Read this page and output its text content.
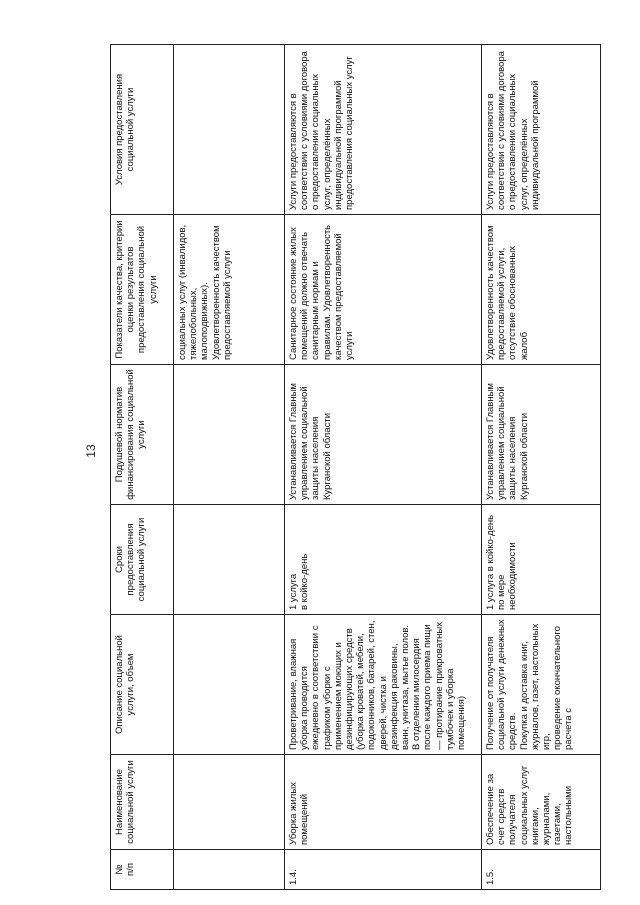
13
№
п/п	Наименование социальной услуги	Описание социальной услуги, объем	Сроки предоставления социальной услуги	Подушевой норматив финансирования социальной услуги	Показатели качества, критерии оценки результатов предоставления социальной услуги	Условия предоставления социальной услуги
					социальных услуг (инвалидов, тяжелобольных, малоподвижных). Удовлетворенность качеством предоставляемой услуги	
1.4.	Уборка жилых помещений	Проветривание, влажная уборка проводится ежедневно в соответствии с графиком уборки с применением моющих и дезинфицирующих средств (уборка кроватей, мебели, подоконников, батарей, стен, дверей, чистка и дезинфекция раковины, ванн, унитаза, мытье полов.
В отделении милосердия после каждого приема пищи — протирание прикроватных тумбочек и уборка помещения)	1 услуга
в койко-день	Устанавливается Главным управлением социальной защиты населения Курганской области	Санитарное состояние жилых помещений должно отвечать санитарным нормам и правилам. Удовлетворенность качеством предоставляемой услуги	Услуги предоставляются в соответствии с условиями договора о предоставлении социальных услуг, определённых индивидуальной программой предоставления социальных услуг
1.5.	Обеспечение за счет средств получателя социальных услуг книгами, журналами, газетами, настольными	Получение от получателя социальной услуги денежных средств.
Покупка и доставка книг, журналов, газет, настольных игр,
проведение окончательного расчета с	1 услуга в койко-день по мере необходимости	Устанавливается Главным управлением социальной защиты населения Курганской области	Удовлетворенность качеством предоставляемой услуги, отсутствие обоснованных жалоб	Услуги предоставляются в соответствии с условиями договора о предоставлении социальных услуг, определённых индивидуальной программой
